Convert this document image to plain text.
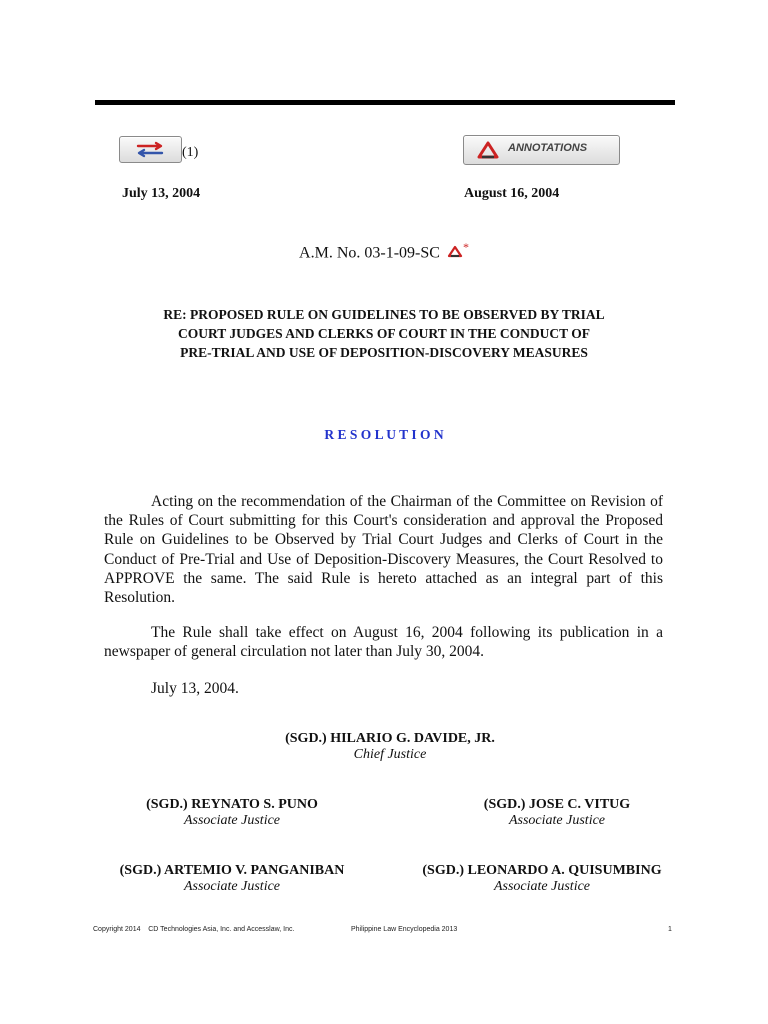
(1)	ANNOTATIONS
July 13, 2004	August 16, 2004
A.M. No. 03-1-09-SC *
RE: PROPOSED RULE ON GUIDELINES TO BE OBSERVED BY TRIAL
COURT JUDGES AND CLERKS OF COURT IN THE CONDUCT OF
PRE-TRIAL AND USE OF DEPOSITION-DISCOVERY MEASURES
R E S O L U T I O N

Acting on the recommendation of the Chairman of the Committee on Revision of the Rules of Court submitting for this Court's consideration and approval the Proposed Rule on Guidelines to be Observed by Trial Court Judges and Clerks of Court in the Conduct of Pre-Trial and Use of Deposition-Discovery Measures, the Court Resolved to APPROVE the same. The said Rule is hereto attached as an integral part of this Resolution.

The Rule shall take effect on August 16, 2004 following its publication in a newspaper of general circulation not later than July 30, 2004.

July 13, 2004.

(SGD.) HILARIO G. DAVIDE, JR.
Chief Justice
(SGD.) REYNATO S. PUNO
Associate Justice
(SGD.) JOSE C. VITUG
Associate Justice
(SGD.) ARTEMIO V. PANGANIBAN
Associate Justice
(SGD.) LEONARDO A. QUISUMBING
Associate Justice
Copyright 2014    CD Technologies Asia, Inc. and Accesslaw, Inc.	Philippine Law Encyclopedia 2013	1
